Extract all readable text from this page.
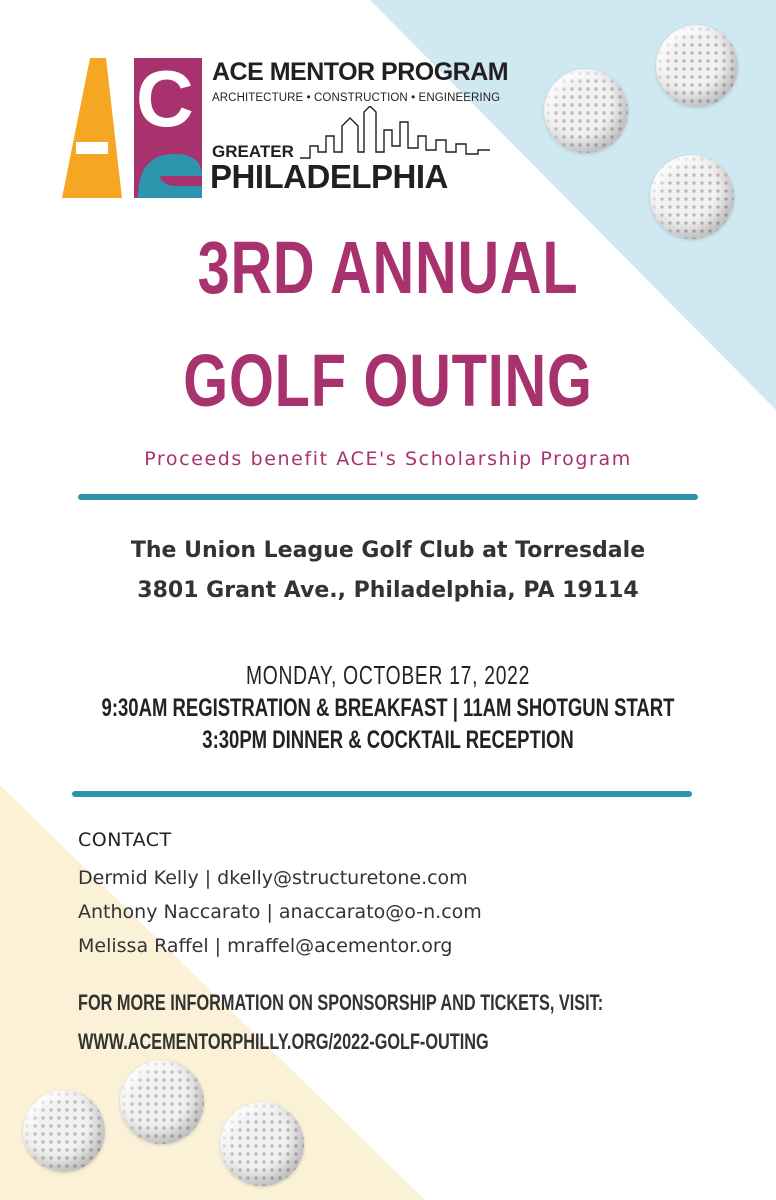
C ACE MENTOR PROGRAM
ARCHITECTURE • CONSTRUCTION • ENGINEERING
GREATER
PHILADELPHIA
3RD ANNUAL
GOLF OUTING
Proceeds benefit ACE's Scholarship Program
The Union League Golf Club at Torresdale
3801 Grant Ave., Philadelphia, PA 19114
MONDAY, OCTOBER 17, 2022
9:30AM REGISTRATION & BREAKFAST | 11AM SHOTGUN START
3:30PM DINNER & COCKTAIL RECEPTION
CONTACT
Dermid Kelly | dkelly@structuretone.com
Anthony Naccarato | anaccarato@o-n.com
Melissa Raffel | mraffel@acementor.org
FOR MORE INFORMATION ON SPONSORSHIP AND TICKETS, VISIT:
WWW.ACEMENTORPHILLY.ORG/2022-GOLF-OUTING
